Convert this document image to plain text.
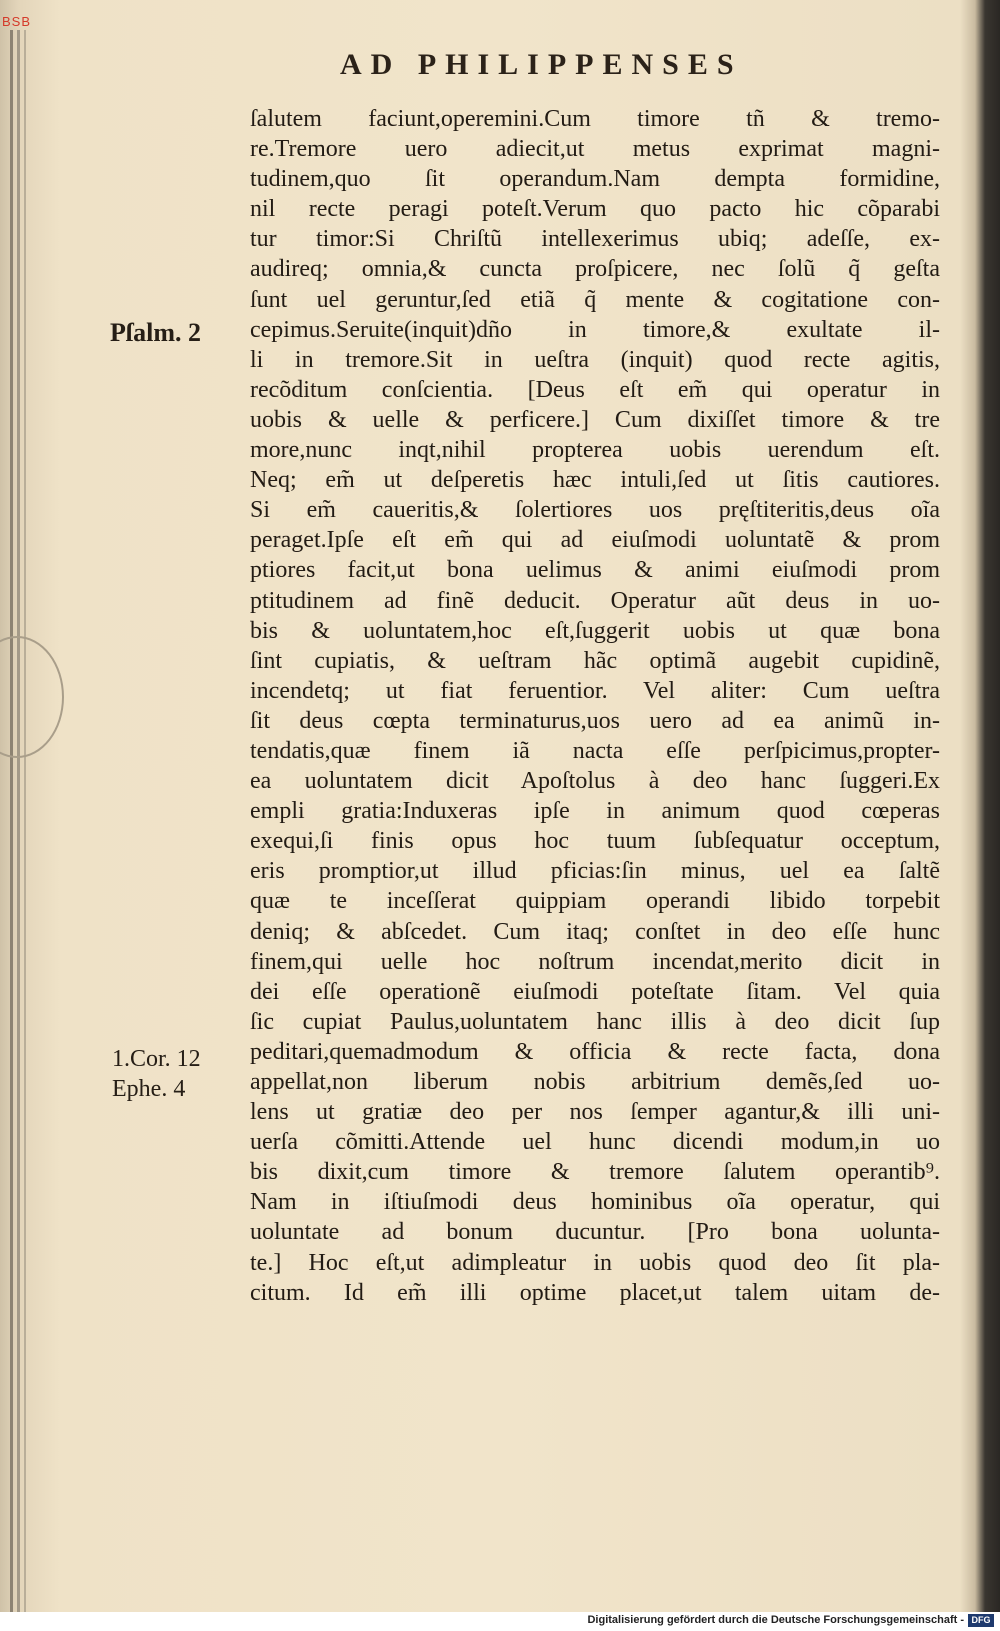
BSB
AD PHILIPPENSES
Pſalm. 2
1.Cor. 12
Ephe. 4
ſalutem faciunt,operemini.Cum timore tñ & tremo-
re.Tremore uero adiecit,ut metus exprimat magni-
tudinem,quo ſit operandum.Nam dempta formidine,
nil recte peragi poteſt.Verum quo pacto hic cõparabi
tur timor:Si Chriſtũ intellexerimus ubiq; adeſſe, ex-
audireq; omnia,& cuncta proſpicere, nec ſolũ q̃ geſta
ſunt uel geruntur,ſed etiã q̃ mente & cogitatione con-
cepimus.Seruite(inquit)dño in timore,& exultate il-
li in tremore.Sit in ueſtra (inquit) quod recte agitis,
recõditum conſcientia. [Deus eſt em̃ qui operatur in
uobis & uelle & perficere.] Cum dixiſſet timore & tre
more,nunc inqt,nihil propterea uobis uerendum eſt.
Neq; em̃ ut deſperetis hæc intuli,ſed ut ſitis cautiores.
Si em̃ caueritis,& ſolertiores uos pręſtiteritis,deus oĩa
peraget.Ipſe eſt em̃ qui ad eiuſmodi uoluntatẽ & prom
ptiores facit,ut bona uelimus & animi eiuſmodi prom
ptitudinem ad finẽ deducit. Operatur aũt deus in uo-
bis & uoluntatem,hoc eſt,ſuggerit uobis ut quæ bona
ſint cupiatis, & ueſtram hãc optimã augebit cupidinẽ,
incendetq; ut fiat feruentior. Vel aliter: Cum ueſtra
ſit deus cœpta terminaturus,uos uero ad ea animũ in-
tendatis,quæ finem iã nacta eſſe perſpicimus,propter-
ea uoluntatem dicit Apoſtolus à deo hanc ſuggeri.Ex
empli gratia:Induxeras ipſe in animum quod cœperas
exequi,ſi finis opus hoc tuum ſubſequatur occeptum,
eris promptior,ut illud pficias:ſin minus, uel ea ſaltẽ
quæ te inceſſerat quippiam operandi libido torpebit
deniq; & abſcedet. Cum itaq; conſtet in deo eſſe hunc
finem,qui uelle hoc noſtrum incendat,merito dicit in
dei eſſe operationẽ eiuſmodi poteſtate ſitam. Vel quia
ſic cupiat Paulus,uoluntatem hanc illis à deo dicit ſup
peditari,quemadmodum & officia & recte facta, dona
appellat,non liberum nobis arbitrium demẽs,ſed uo-
lens ut gratiæ deo per nos ſemper agantur,& illi uni-
uerſa cõmitti.Attende uel hunc dicendi modum,in uo
bis dixit,cum timore & tremore ſalutem operantib⁹.
Nam in iſtiuſmodi deus hominibus oĩa operatur, qui
uoluntate ad bonum ducuntur. [Pro bona uolunta-
te.] Hoc eſt,ut adimpleatur in uobis quod deo ſit pla-
citum. Id em̃ illi optime placet,ut talem uitam de-
Digitalisierung gefördert durch die Deutsche Forschungsgemeinschaft - DFG
